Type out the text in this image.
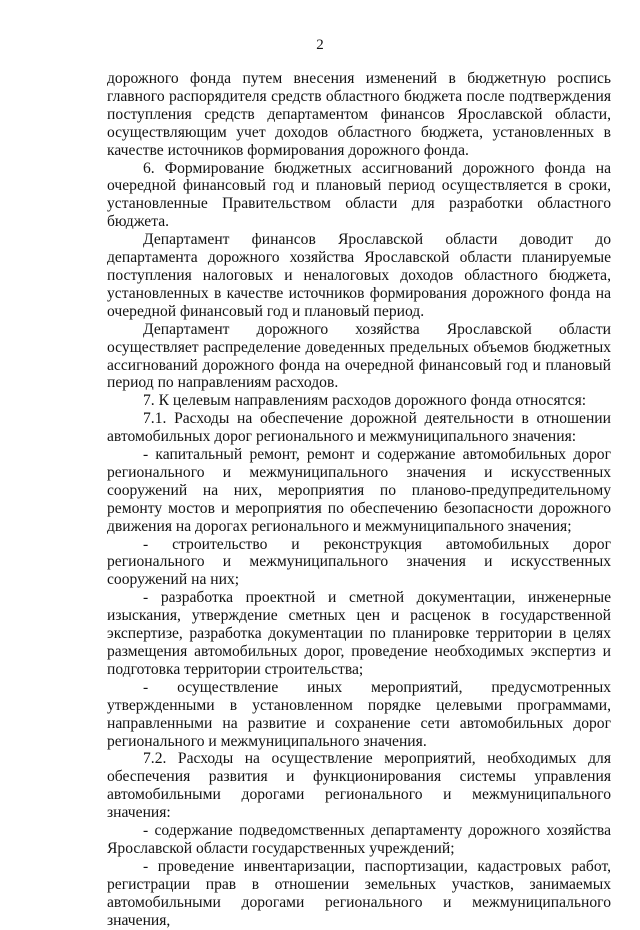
2

дорожного фонда путем внесения изменений в бюджетную роспись главного распорядителя средств областного бюджета после подтверждения поступления средств департаментом финансов Ярославской области, осуществляющим учет доходов областного бюджета, установленных в качестве источников формирования дорожного фонда.

6. Формирование бюджетных ассигнований дорожного фонда на очередной финансовый год и плановый период осуществляется в сроки, установленные Правительством области для разработки областного бюджета.

Департамент финансов Ярославской области доводит до департамента дорожного хозяйства Ярославской области планируемые поступления налоговых и неналоговых доходов областного бюджета, установленных в качестве источников формирования дорожного фонда на очередной финансовый год и плановый период.

Департамент дорожного хозяйства Ярославской области осуществляет распределение доведенных предельных объемов бюджетных ассигнований дорожного фонда на очередной финансовый год и плановый период по направлениям расходов.

7. К целевым направлениям расходов дорожного фонда относятся:

7.1. Расходы на обеспечение дорожной деятельности в отношении автомобильных дорог регионального и межмуниципального значения:

- капитальный ремонт, ремонт и содержание автомобильных дорог регионального и межмуниципального значения и искусственных сооружений на них, мероприятия по планово-предупредительному ремонту мостов и мероприятия по обеспечению безопасности дорожного движения на дорогах регионального и межмуниципального значения;

- строительство и реконструкция автомобильных дорог регионального и межмуниципального значения и искусственных сооружений на них;

- разработка проектной и сметной документации, инженерные изыскания, утверждение сметных цен и расценок в государственной экспертизе, разработка документации по планировке территории в целях размещения автомобильных дорог, проведение необходимых экспертиз и подготовка территории строительства;

- осуществление иных мероприятий, предусмотренных утвержденными в установленном порядке целевыми программами, направленными на развитие и сохранение сети автомобильных дорог регионального и межмуниципального значения.

7.2. Расходы на осуществление мероприятий, необходимых для обеспечения развития и функционирования системы управления автомобильными дорогами регионального и межмуниципального значения:

- содержание подведомственных департаменту дорожного хозяйства Ярославской области государственных учреждений;

- проведение инвентаризации, паспортизации, кадастровых работ, регистрации прав в отношении земельных участков, занимаемых автомобильными дорогами регионального и межмуниципального значения,
